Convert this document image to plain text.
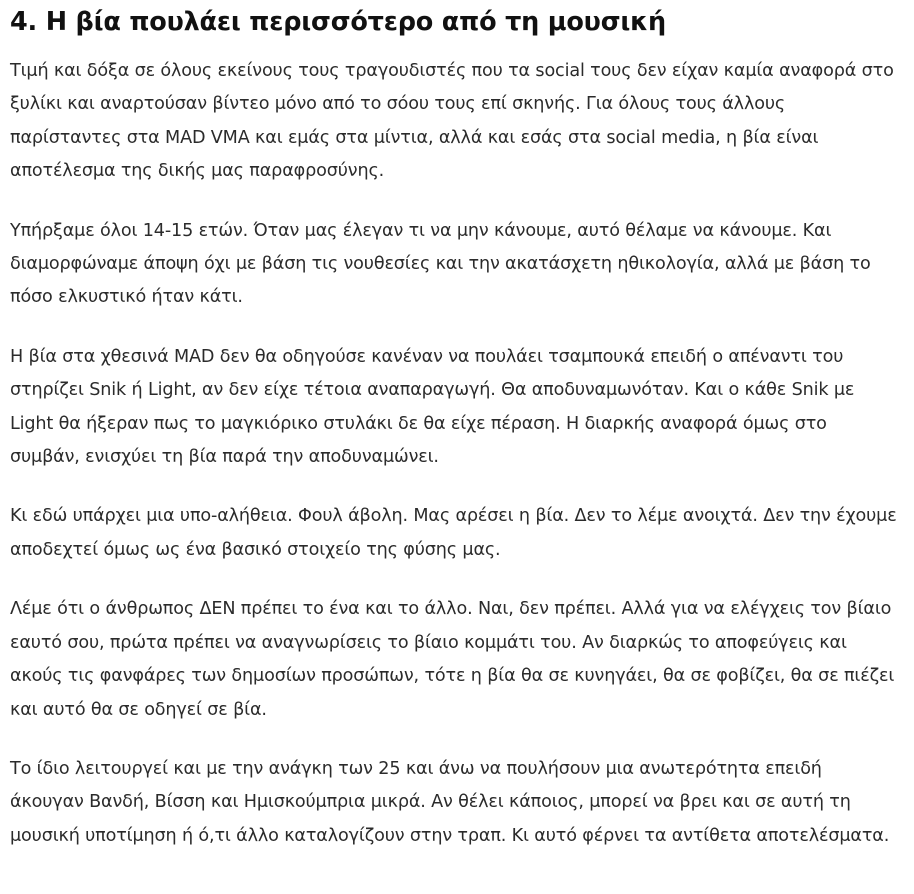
4. Η βία πουλάει περισσότερο από τη μουσική

Τιμή και δόξα σε όλους εκείνους τους τραγουδιστές που τα social τους δεν είχαν καμία αναφορά στο ξυλίκι και αναρτούσαν βίντεο μόνο από το σόου τους επί σκηνής. Για όλους τους άλλους παρίσταντες στα MAD VMA και εμάς στα μίντια, αλλά και εσάς στα social media, η βία είναι αποτέλεσμα της δικής μας παραφροσύνης.

Υπήρξαμε όλοι 14-15 ετών. Όταν μας έλεγαν τι να μην κάνουμε, αυτό θέλαμε να κάνουμε. Και διαμορφώναμε άποψη όχι με βάση τις νουθεσίες και την ακατάσχετη ηθικολογία, αλλά με βάση το πόσο ελκυστικό ήταν κάτι.

Η βία στα χθεσινά MAD δεν θα οδηγούσε κανέναν να πουλάει τσαμπουκά επειδή ο απέναντι του στηρίζει Snik ή Light, αν δεν είχε τέτοια αναπαραγωγή. Θα αποδυναμωνόταν. Και ο κάθε Snik με Light θα ήξεραν πως το μαγκιόρικο στυλάκι δε θα είχε πέραση. Η διαρκής αναφορά όμως στο συμβάν, ενισχύει τη βία παρά την αποδυναμώνει.

Κι εδώ υπάρχει μια υπο-αλήθεια. Φουλ άβολη. Μας αρέσει η βία. Δεν το λέμε ανοιχτά. Δεν την έχουμε αποδεχτεί όμως ως ένα βασικό στοιχείο της φύσης μας.

Λέμε ότι ο άνθρωπος ΔΕΝ πρέπει το ένα και το άλλο. Ναι, δεν πρέπει. Αλλά για να ελέγχεις τον βίαιο εαυτό σου, πρώτα πρέπει να αναγνωρίσεις το βίαιο κομμάτι του. Αν διαρκώς το αποφεύγεις και ακούς τις φανφάρες των δημοσίων προσώπων, τότε η βία θα σε κυνηγάει, θα σε φοβίζει, θα σε πιέζει και αυτό θα σε οδηγεί σε βία.

Το ίδιο λειτουργεί και με την ανάγκη των 25 και άνω να πουλήσουν μια ανωτερότητα επειδή άκουγαν Βανδή, Βίσση και Ημισκούμπρια μικρά. Αν θέλει κάποιος, μπορεί να βρει και σε αυτή τη μουσική υποτίμηση ή ό,τι άλλο καταλογίζουν στην τραπ. Κι αυτό φέρνει τα αντίθετα αποτελέσματα.
